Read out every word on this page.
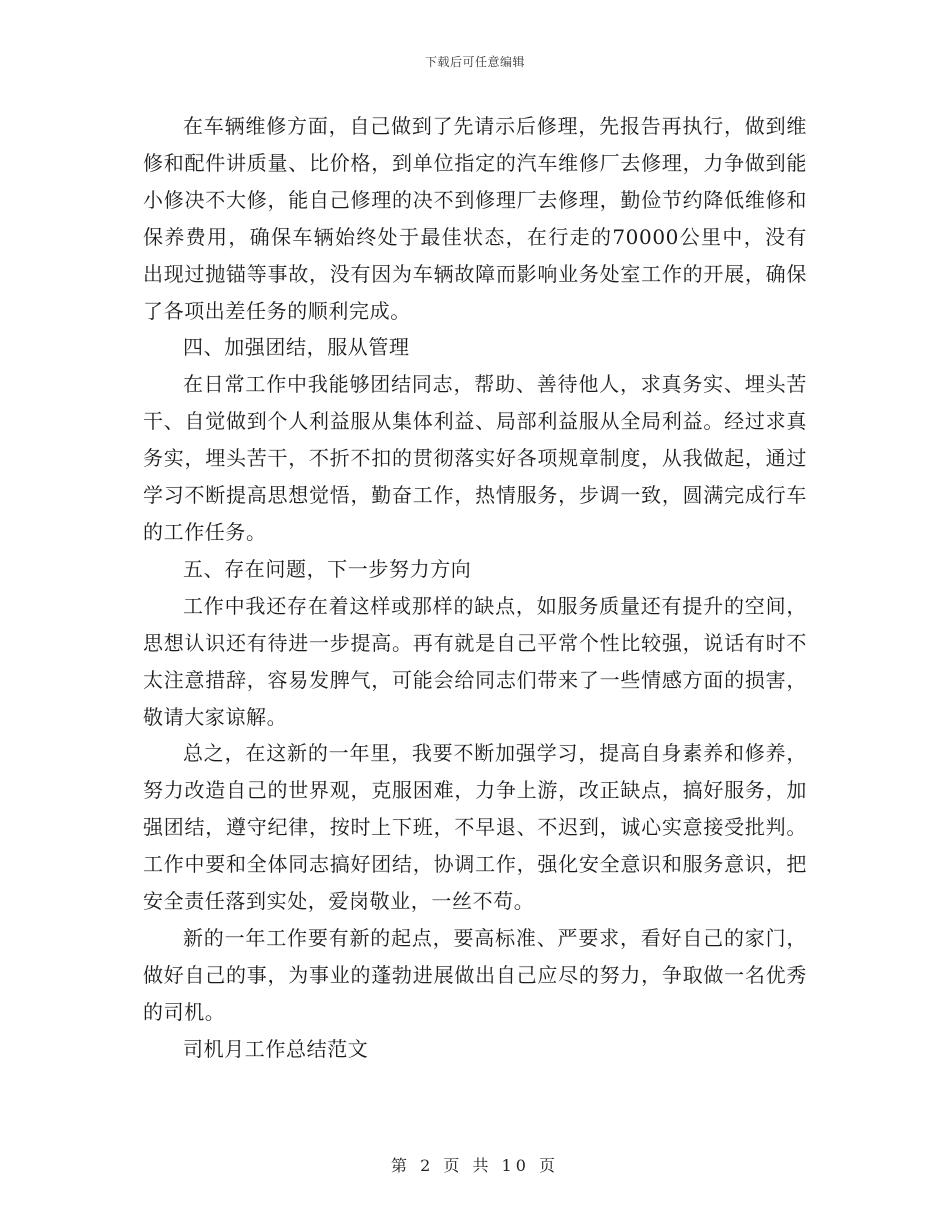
下载后可任意编辑

在车辆维修方面，自己做到了先请示后修理，先报告再执行，做到维修和配件讲质量、比价格，到单位指定的汽车维修厂去修理，力争做到能小修决不大修，能自己修理的决不到修理厂去修理，勤俭节约降低维修和保养费用，确保车辆始终处于最佳状态，在行走的70000公里中，没有出现过抛锚等事故，没有因为车辆故障而影响业务处室工作的开展，确保了各项出差任务的顺利完成。

四、加强团结，服从管理

在日常工作中我能够团结同志，帮助、善待他人，求真务实、埋头苦干、自觉做到个人利益服从集体利益、局部利益服从全局利益。经过求真务实，埋头苦干，不折不扣的贯彻落实好各项规章制度，从我做起，通过学习不断提高思想觉悟，勤奋工作，热情服务，步调一致，圆满完成行车的工作任务。

五、存在问题，下一步努力方向

工作中我还存在着这样或那样的缺点，如服务质量还有提升的空间，思想认识还有待进一步提高。再有就是自己平常个性比较强，说话有时不太注意措辞，容易发脾气，可能会给同志们带来了一些情感方面的损害，敬请大家谅解。

总之，在这新的一年里，我要不断加强学习，提高自身素养和修养，努力改造自己的世界观，克服困难，力争上游，改正缺点，搞好服务，加强团结，遵守纪律，按时上下班，不早退、不迟到，诚心实意接受批判。工作中要和全体同志搞好团结，协调工作，强化安全意识和服务意识，把安全责任落到实处，爱岗敬业，一丝不苟。

新的一年工作要有新的起点，要高标准、严要求，看好自己的家门，做好自己的事，为事业的蓬勃进展做出自己应尽的努力，争取做一名优秀的司机。

司机月工作总结范文

第 2 页 共 10 页
